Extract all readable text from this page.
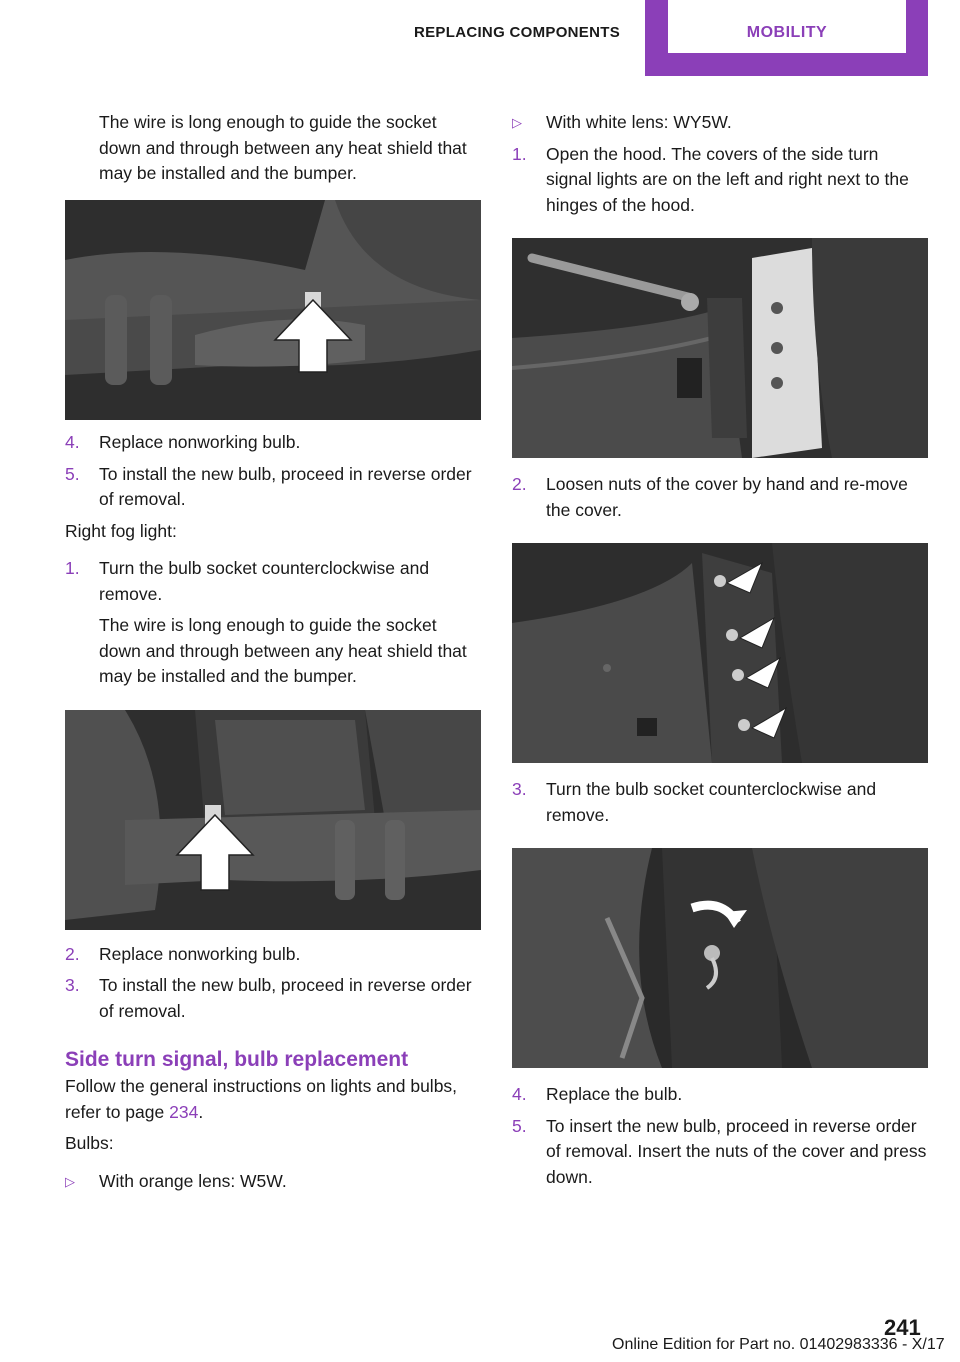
REPLACING COMPONENTS	MOBILITY

The wire is long enough to guide the socket down and through between any heat shield that may be installed and the bumper.

4.	Replace nonworking bulb.
5.	To install the new bulb, proceed in reverse order of removal.

Right fog light:

1.	Turn the bulb socket counterclockwise and remove.

The wire is long enough to guide the socket down and through between any heat shield that may be installed and the bumper.

2.	Replace nonworking bulb.
3.	To install the new bulb, proceed in reverse order of removal.
Side turn signal, bulb replacement

Follow the general instructions on lights and bulbs, refer to page 234.

Bulbs:

▷	With orange lens: W5W.
▷	With white lens: WY5W.
1.	Open the hood. The covers of the side turn signal lights are on the left and right next to the hinges of the hood.
2.	Loosen nuts of the cover by hand and re‐move the cover.
3.	Turn the bulb socket counterclockwise and remove.
4.	Replace the bulb.
5.	To insert the new bulb, proceed in reverse order of removal. Insert the nuts of the cover and press down.
241
Online Edition for Part no. 01402983336 - X/17
